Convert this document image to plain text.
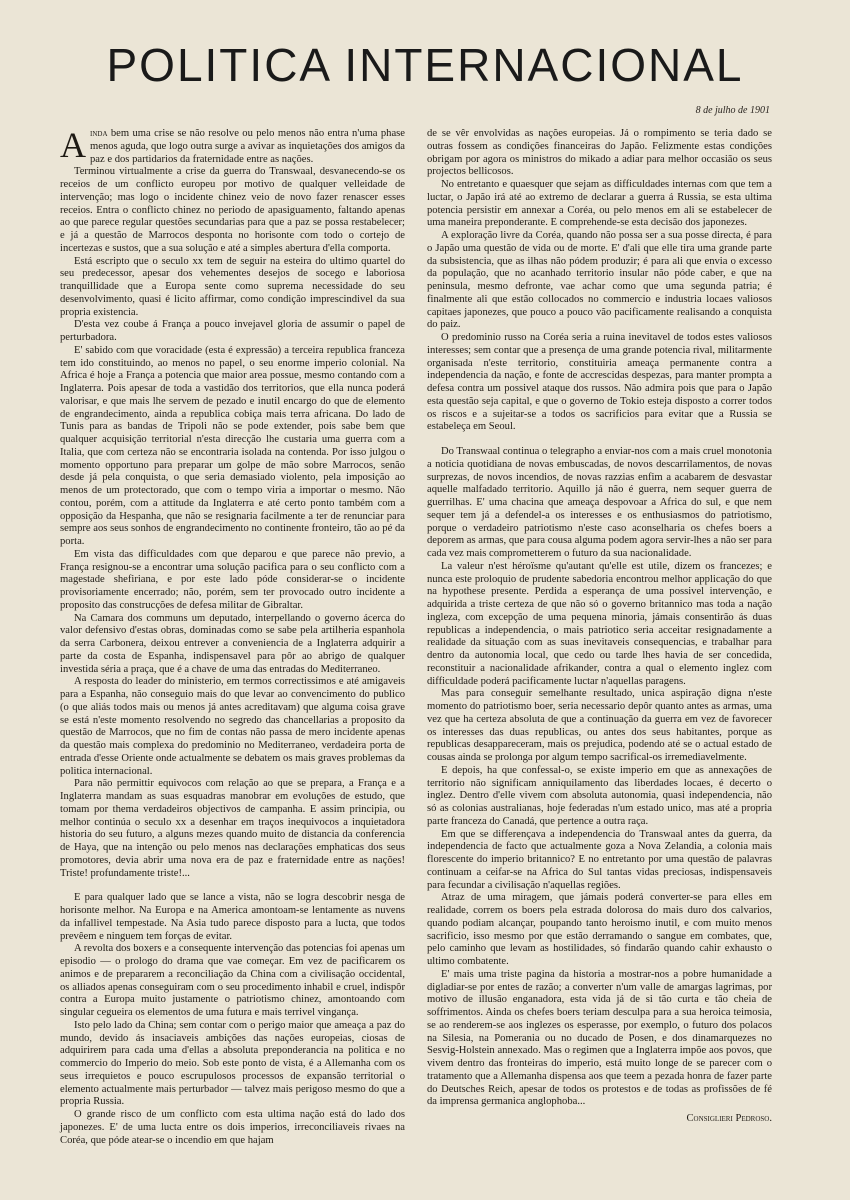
POLITICA INTERNACIONAL
8 de julho de 1901

Ainda bem uma crise se não resolve ou pelo menos não entra n'uma phase menos aguda, que logo outra surge a avivar as inquietações dos amigos da paz e dos partidarios da fraternidade entre as nações.

Terminou virtualmente a crise da guerra do Transwaal, desvanecendo-se os receios de um conflicto europeu por motivo de qualquer velleidade de intervenção; mas logo o incidente chinez veio de novo fazer renascer esses receios. Entra o conflicto chinez no periodo de apasiguamento, faltando apenas ao que parece regular questões secundarias para que a paz se possa restabelecer; e já a questão de Marrocos desponta no horisonte com todo o cortejo de incertezas e sustos, que a sua solução e até a simples abertura d'ella comporta.

Está escripto que o seculo xx tem de seguir na esteira do ultimo quartel do seu predecessor, apesar dos vehementes desejos de socego e laboriosa tranquillidade que a Europa sente como suprema necessidade do seu desenvolvimento, quasi é licito affirmar, como condição imprescindivel da sua propria existencia.

D'esta vez coube á França a pouco invejavel gloria de assumir o papel de perturbadora.

E' sabido com que voracidade (esta é expressão) a terceira republica franceza tem ido constituindo, ao menos no papel, o seu enorme imperio colonial. Na Africa é hoje a França a potencia que maior area possue, mesmo contando com a Inglaterra. Pois apesar de toda a vastidão dos territorios, que ella nunca poderá valorisar, e que mais lhe servem de pezado e inutil encargo do que de elemento de engrandecimento, ainda a republica cobiça mais terra africana. Do lado de Tunis para as bandas de Tripoli não se pode extender, pois sabe bem que qualquer acquisição territorial n'esta direcção lhe custaria uma guerra com a Italia, que com certeza não se encontraria isolada na contenda. Por isso julgou o momento opportuno para preparar um golpe de mão sobre Marrocos, senão desde já pela conquista, o que seria demasiado violento, pela imposição ao menos de um protectorado, que com o tempo viria a importar o mesmo. Não contou, porém, com a attitude da Inglaterra e até certo ponto também com a opposição da Hespanha, que não se resignaria facilmente a ter de renunciar para sempre aos seus sonhos de engrandecimento no continente fronteiro, tão ao pé da porta.

Em vista das difficuldades com que deparou e que parece não previo, a França resignou-se a encontrar uma solução pacifica para o seu conflicto com a magestade shefiriana, e por este lado póde considerar-se o incidente provisoriamente encerrado; não, porém, sem ter provocado outro incidente a proposito das construcções de defesa militar de Gibraltar.

Na Camara dos communs um deputado, interpellando o governo ácerca do valor defensivo d'estas obras, dominadas como se sabe pela artilheria espanhola da serra Carbonera, deixou entrever a conveniencia de a Inglaterra adquirir a parte da costa de Espanha, indispensavel para pôr ao abrigo de qualquer investida séria a praça, que é a chave de uma das entradas do Mediterraneo.

A resposta do leader do ministerio, em termos correctissimos e até amigaveis para a Espanha, não conseguio mais do que levar ao convencimento do publico (o que aliás todos mais ou menos já antes acreditavam) que alguma coisa grave se está n'este momento resolvendo no segredo das chancellarias a proposito da questão de Marrocos, que no fim de contas não passa de mero incidente apenas da questão mais complexa do predominio no Mediterraneo, verdadeira porta de entrada d'esse Oriente onde actualmente se debatem os mais graves problemas da politica internacional.

Para não permittir equivocos com relação ao que se prepara, a França e a Inglaterra mandam as suas esquadras manobrar em evoluções de estudo, que tomam por thema verdadeiros objectivos de campanha. E assim principia, ou melhor continúa o seculo xx a desenhar em traços inequivocos a inquietadora historia do seu futuro, a alguns mezes quando muito de distancia da conferencia de Haya, que na intenção ou pelo menos nas declarações emphaticas dos seus promotores, devia abrir uma nova era de paz e fraternidade entre as nações! Triste! profundamente triste!...

E para qualquer lado que se lance a vista, não se logra descobrir nesga de horisonte melhor. Na Europa e na America amontoam-se lentamente as nuvens da infallivel tempestade. Na Asia tudo parece disposto para a lucta, que todos prevêem e ninguem tem forças de evitar.

A revolta dos boxers e a consequente intervenção das potencias foi apenas um episodio — o prologo do drama que vae começar. Em vez de pacificarem os animos e de prepararem a reconciliação da China com a civilisação occidental, os alliados apenas conseguiram com o seu procedimento inhabil e cruel, indispôr contra a Europa muito justamente o patriotismo chinez, amontoando com singular cegueira os elementos de uma futura e mais terrivel vingança.

Isto pelo lado da China; sem contar com o perigo maior que ameaça a paz do mundo, devido ás insaciaveis ambições das nações europeias, ciosas de adquirirem para cada uma d'ellas a absoluta preponderancia na politica e no commercio do Imperio do meio. Sob este ponto de vista, é a Allemanha com os seus irrequietos e pouco escrupulosos processos de expansão territorial o elemento actualmente mais perturbador — talvez mais perigoso mesmo do que a propria Russia.

O grande risco de um conflicto com esta ultima nação está do lado dos japonezes. E' de uma lucta entre os dois imperios, irreconciliaveis rivaes na Coréa, que póde atear-se o incendio em que hajam

de se vêr envolvidas as nações europeias. Já o rompimento se teria dado se outras fossem as condições financeiras do Japão. Felizmente estas condições obrigam por agora os ministros do mikado a adiar para melhor occasião os seus projectos bellicosos.

No entretanto e quaesquer que sejam as difficuldades internas com que tem a luctar, o Japão irá até ao extremo de declarar a guerra á Russia, se esta ultima potencia persistir em annexar a Coréa, ou pelo menos em ali se estabelecer de uma maneira preponderante. E comprehende-se esta decisão dos japonezes.

A exploração livre da Coréa, quando não possa ser a sua posse directa, é para o Japão uma questão de vida ou de morte. E' d'ali que elle tira uma grande parte da subsistencia, que as ilhas não pódem produzir; é para ali que envia o excesso da população, que no acanhado territorio insular não póde caber, e que na peninsula, mesmo defronte, vae achar como que uma segunda patria; é finalmente ali que estão collocados no commercio e industria locaes valiosos capitaes japonezes, que pouco a pouco vão pacificamente realisando a conquista do paiz.

O predominio russo na Coréa seria a ruina inevitavel de todos estes valiosos interesses; sem contar que a presença de uma grande potencia rival, militarmente organisada n'este territorio, constituiria ameaça permanente contra a independencia da nação, e fonte de accrescidas despezas, para manter prompta a defesa contra um possivel ataque dos russos. Não admira pois que para o Japão esta questão seja capital, e que o governo de Tokio esteja disposto a correr todos os riscos e a sujeitar-se a todos os sacrificios para evitar que a Russia se estabeleça em Seoul.

Do Transwaal continua o telegrapho a enviar-nos com a mais cruel monotonia a noticia quotidiana de novas embuscadas, de novos descarrilamentos, de novas surprezas, de novos incendios, de novas razzias enfim a acabarem de desvastar aquelle malfadado territorio. Aquillo já não é guerra, nem sequer guerra de guerrilhas. E' uma chacina que ameaça despovoar a Africa do sul, e que nem sequer tem já a defendel-a os interesses e os enthusiasmos do patriotismo, porque o verdadeiro patriotismo n'este caso aconselharia os chefes boers a deporem as armas, que para cousa alguma podem agora servir-lhes a não ser para cada vez mais comprometterem o futuro da sua nacionalidade.

La valeur n'est héroïsme qu'autant qu'elle est utile, dizem os francezes; e nunca este proloquio de prudente sabedoria encontrou melhor applicação do que na hypothese presente. Perdida a esperança de uma possivel intervenção, e adquirida a triste certeza de que não só o governo britannico mas toda a nação ingleza, com excepção de uma pequena minoria, jámais consentirão ás duas republicas a independencia, o mais patriotico seria acceitar resignadamente a realidade da situação com as suas inevitaveis consequencias, e trabalhar para dentro da autonomia local, que cedo ou tarde lhes havia de ser concedida, reconstituir a nacionalidade afrikander, contra a qual o elemento inglez com difficuldade poderá pacificamente luctar n'aquellas paragens.

Mas para conseguir semelhante resultado, unica aspiração digna n'este momento do patriotismo boer, seria necessario depôr quanto antes as armas, uma vez que ha certeza absoluta de que a continuação da guerra em vez de favorecer os interesses das duas republicas, ou antes dos seus habitantes, porque as republicas desappareceram, mais os prejudica, podendo até se o actual estado de cousas ainda se prolonga por algum tempo sacrifical-os irremediavelmente.

E depois, ha que confessal-o, se existe imperio em que as annexações de territorio não significam anniquilamento das liberdades locaes, é decerto o inglez. Dentro d'elle vivem com absoluta autonomia, quasi independencia, não só as colonias australianas, hoje federadas n'um estado unico, mas até a propria parte franceza do Canadá, que pertence a outra raça.

Em que se differençava a independencia do Transwaal antes da guerra, da independencia de facto que actualmente goza a Nova Zelandia, a colonia mais florescente do imperio britannico? E no entretanto por uma questão de palavras continuam a ceifar-se na Africa do Sul tantas vidas preciosas, indispensaveis para fecundar a civilisação n'aquellas regiões.

Atraz de uma miragem, que jámais poderá converter-se para elles em realidade, correm os boers pela estrada dolorosa do mais duro dos calvarios, quando podiam alcançar, poupando tanto heroismo inutil, e com muito menos sacrificio, isso mesmo por que estão derramando o sangue em combates, que, pelo caminho que levam as hostilidades, só findarão quando cahir exhausto o ultimo combatente.

E' mais uma triste pagina da historia a mostrar-nos a pobre humanidade a digladiar-se por entes de razão; a converter n'um valle de amargas lagrimas, por motivo de illusão enganadora, esta vida já de si tão curta e tão cheia de soffrimentos. Ainda os chefes boers teriam desculpa para a sua heroica teimosia, se ao renderem-se aos inglezes os esperasse, por exemplo, o futuro dos polacos na Silesia, na Pomerania ou no ducado de Posen, e dos dinamarquezes no Sesvig-Holstein annexado. Mas o regimen que a Inglaterra impõe aos povos, que vivem dentro das fronteiras do imperio, está muito longe de se parecer com o tratamento que a Allemanha dispensa aos que teem a pezada honra de fazer parte do Deutsches Reich, apesar de todos os protestos e de todas as profissões de fé da imprensa germanica anglophoba...

Consiglieri Pedroso.
